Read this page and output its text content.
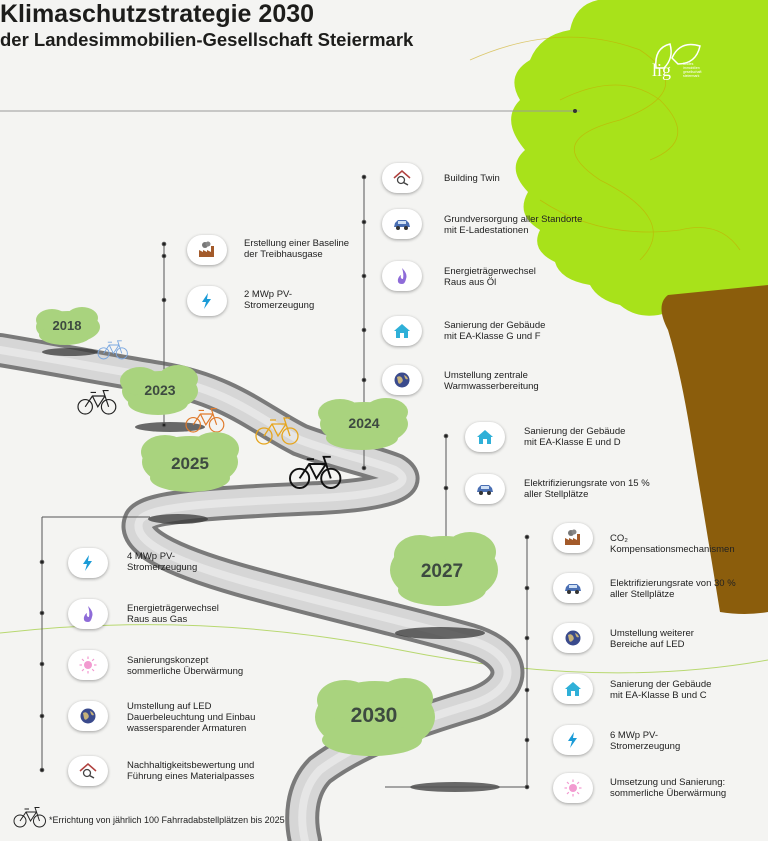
Klimaschutzstrategie 2030
der Landesimmobilien-Gesellschaft Steiermark
lig	landes
immobilien
gesellschaft
steiermark
2018
2023
2024
2025
2027
2030
Erstellung einer Baseline
der Treibhausgase
2 MWp PV-
Stromerzeugung
Building Twin
Grundversorgung aller Standorte
mit E-Ladestationen
Energieträgerwechsel
Raus aus Öl
Sanierung der Gebäude
mit EA-Klasse G und F
Umstellung zentrale
Warmwasserbereitung
Sanierung der Gebäude
mit EA-Klasse E und D
Elektrifizierungsrate von 15 %
aller Stellplätze
4 MWp PV-
Stromerzeugung
Energieträgerwechsel
Raus aus Gas
Sanierungskonzept
sommerliche Überwärmung
Umstellung auf LED
Dauerbeleuchtung und Einbau
wassersparender Armaturen
Nachhaltigkeitsbewertung und
Führung eines Materialpasses
CO₂
Kompensationsmechanismen
Elektrifizierungsrate von 30 %
aller Stellplätze
Umstellung weiterer
Bereiche auf LED
Sanierung der Gebäude
mit EA-Klasse B und C
6 MWp PV-
Stromerzeugung
Umsetzung und Sanierung:
sommerliche Überwärmung
*Errichtung von jährlich 100 Fahrradabstellplätzen bis 2025
